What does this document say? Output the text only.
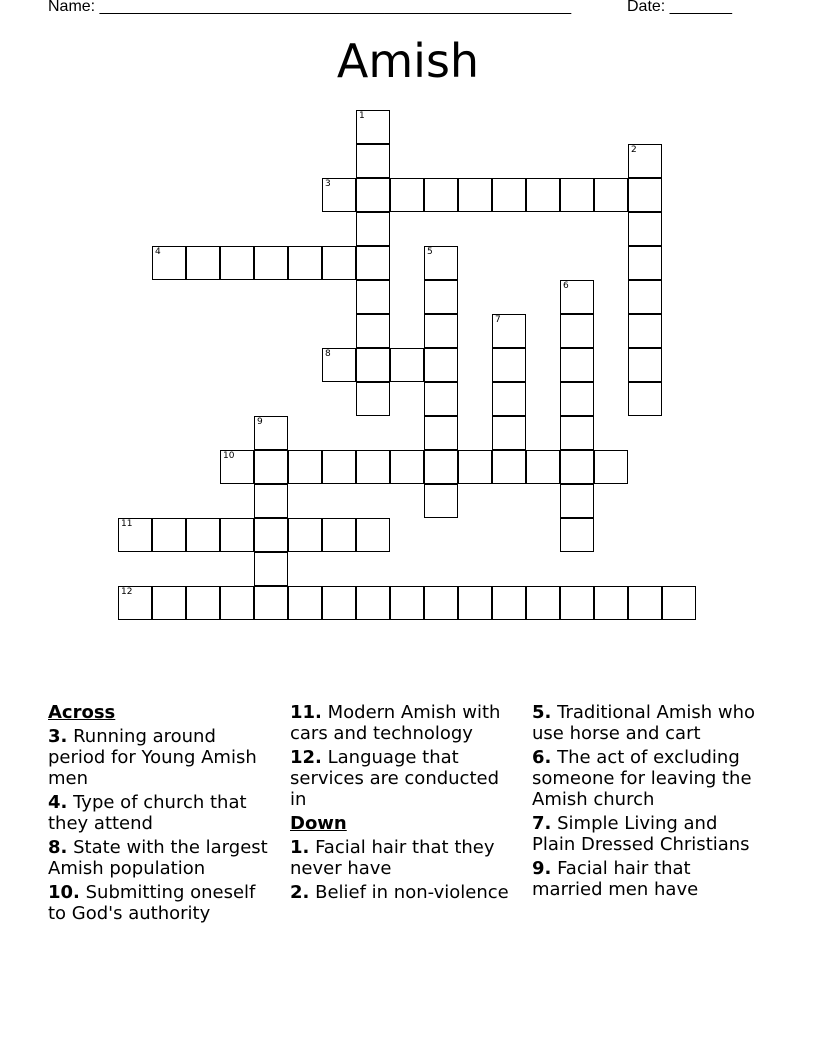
Name: _____________________________________________________	Date: _______
Amish
1
2
3
4	5
6
7
8
9
10
11
12
Across
3. Running around period for Young Amish men
4. Type of church that they attend
8. State with the largest Amish population
10. Submitting oneself to God's authority
11. Modern Amish with cars and technology
12. Language that services are conducted in
Down
1. Facial hair that they never have
2. Belief in non-violence
5. Traditional Amish who use horse and cart
6. The act of excluding someone for leaving the Amish church
7. Simple Living and Plain Dressed Christians
9. Facial hair that married men have
